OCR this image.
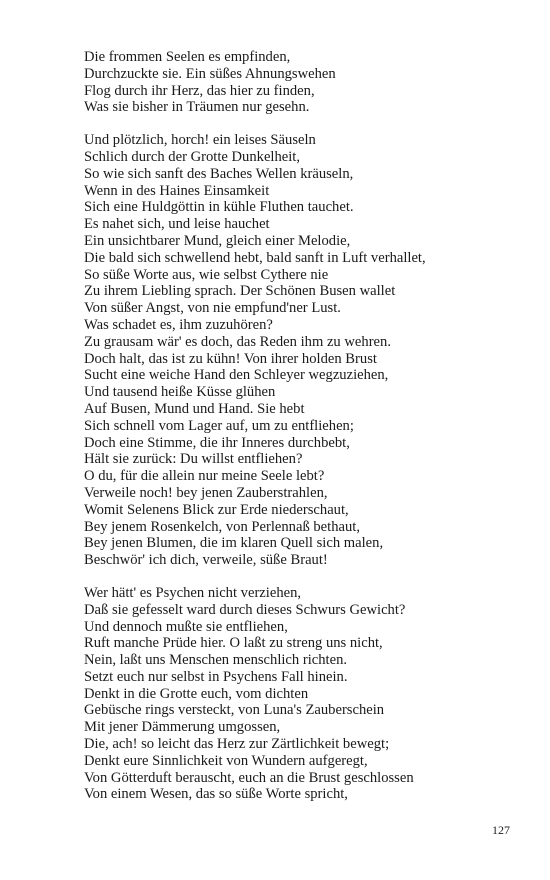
Die frommen Seelen es empfinden,
Durchzuckte sie. Ein süßes Ahnungswehen
Flog durch ihr Herz, das hier zu finden,
Was sie bisher in Träumen nur gesehn.
Und plötzlich, horch! ein leises Säuseln
Schlich durch der Grotte Dunkelheit,
So wie sich sanft des Baches Wellen kräuseln,
Wenn in des Haines Einsamkeit
Sich eine Huldgöttin in kühle Fluthen tauchet.
Es nahet sich, und leise hauchet
Ein unsichtbarer Mund, gleich einer Melodie,
Die bald sich schwellend hebt, bald sanft in Luft verhallet,
So süße Worte aus, wie selbst Cythere nie
Zu ihrem Liebling sprach. Der Schönen Busen wallet
Von süßer Angst, von nie empfund'ner Lust.
Was schadet es, ihm zuzuhören?
Zu grausam wär' es doch, das Reden ihm zu wehren.
Doch halt, das ist zu kühn! Von ihrer holden Brust
Sucht eine weiche Hand den Schleyer wegzuziehen,
Und tausend heiße Küsse glühen
Auf Busen, Mund und Hand. Sie hebt
Sich schnell vom Lager auf, um zu entfliehen;
Doch eine Stimme, die ihr Inneres durchbebt,
Hält sie zurück: Du willst entfliehen?
O du, für die allein nur meine Seele lebt?
Verweile noch! bey jenen Zauberstrahlen,
Womit Selenens Blick zur Erde niederschaut,
Bey jenem Rosenkelch, von Perlennaß bethaut,
Bey jenen Blumen, die im klaren Quell sich malen,
Beschwör' ich dich, verweile, süße Braut!
Wer hätt' es Psychen nicht verziehen,
Daß sie gefesselt ward durch dieses Schwurs Gewicht?
Und dennoch mußte sie entfliehen,
Ruft manche Prüde hier. O laßt zu streng uns nicht,
Nein, laßt uns Menschen menschlich richten.
Setzt euch nur selbst in Psychens Fall hinein.
Denkt in die Grotte euch, vom dichten
Gebüsche rings versteckt, von Luna's Zauberschein
Mit jener Dämmerung umgossen,
Die, ach! so leicht das Herz zur Zärtlichkeit bewegt;
Denkt eure Sinnlichkeit von Wundern aufgeregt,
Von Götterduft berauscht, euch an die Brust geschlossen
Von einem Wesen, das so süße Worte spricht,
127
